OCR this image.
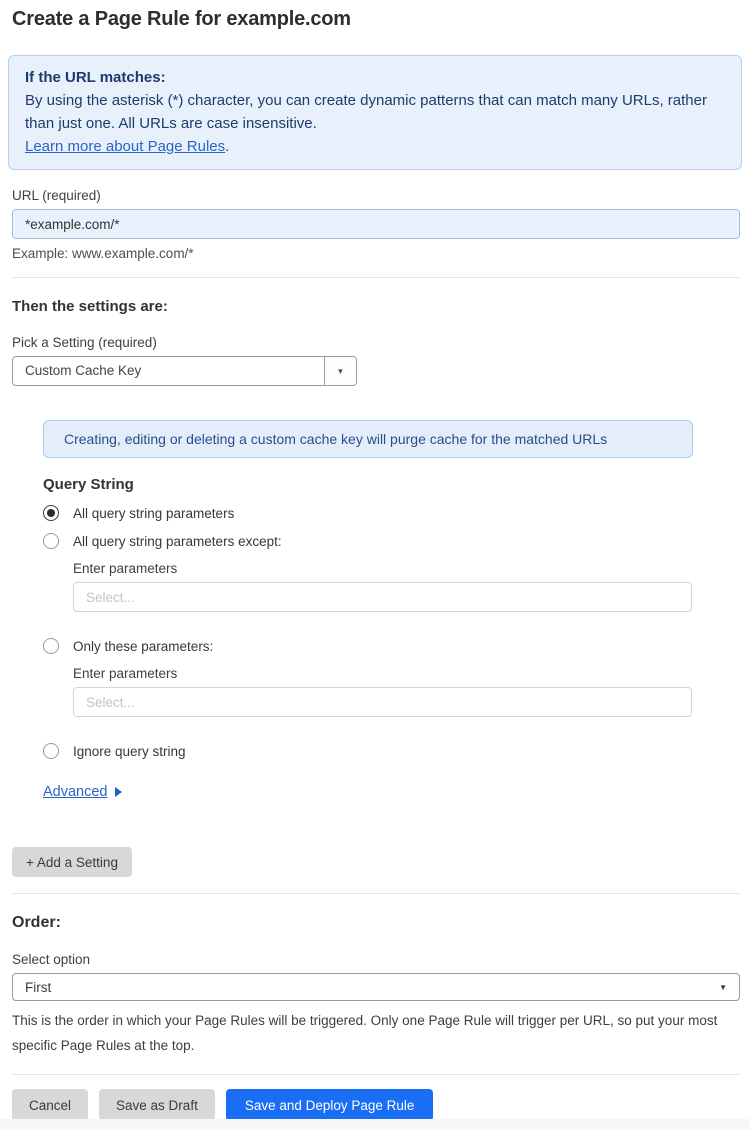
Create a Page Rule for example.com
If the URL matches:
By using the asterisk (*) character, you can create dynamic patterns that can match many URLs, rather than just one. All URLs are case insensitive.
Learn more about Page Rules.
URL (required)
*example.com/*
Example: www.example.com/*
Then the settings are:
Pick a Setting (required)
Custom Cache Key	▼
Creating, editing or deleting a custom cache key will purge cache for the matched URLs
Query String
All query string parameters
All query string parameters except:
Enter parameters
Select...
Only these parameters:
Enter parameters
Select...
Ignore query string
Advanced
+ Add a Setting
Order:
Select option
First	▼

This is the order in which your Page Rules will be triggered. Only one Page Rule will trigger per URL, so put your most specific Page Rules at the top.

Cancel	Save as Draft	Save and Deploy Page Rule
